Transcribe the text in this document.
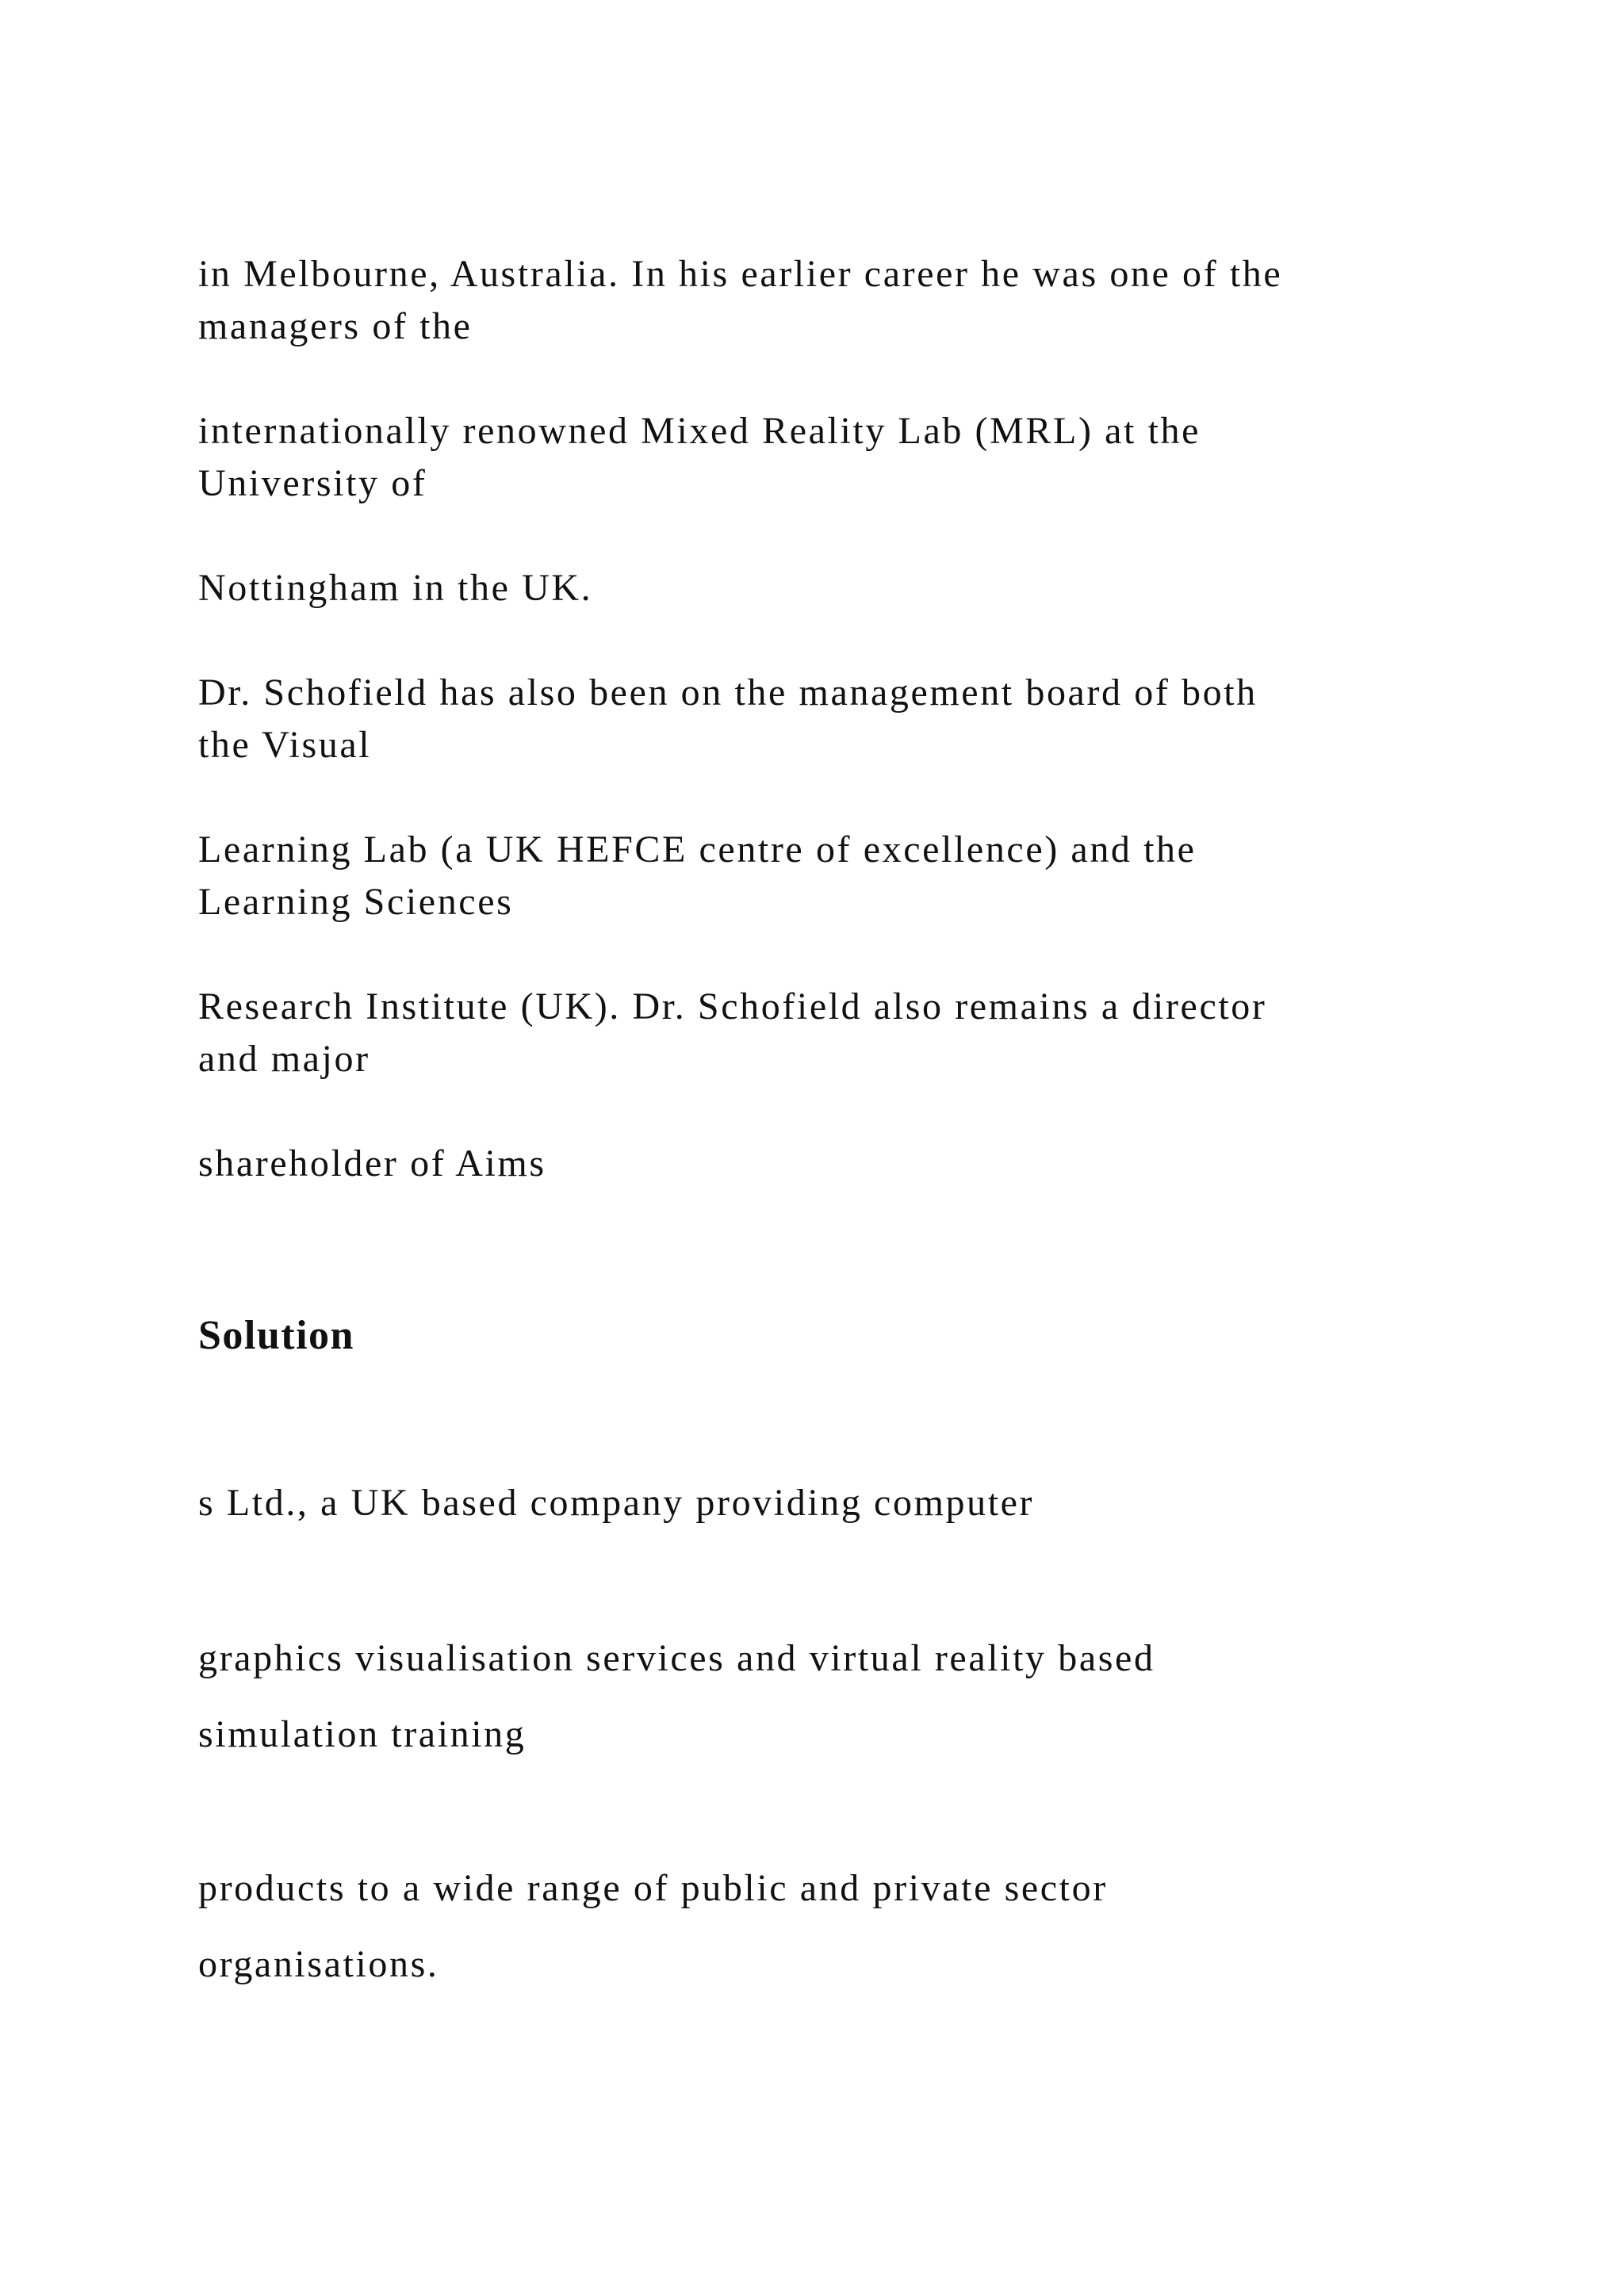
in Melbourne, Australia. In his earlier career he was one of the
managers of the

internationally renowned Mixed Reality Lab (MRL) at the
University of

Nottingham in the UK.

Dr. Schofield has also been on the management board of both
the Visual

Learning Lab (a UK HEFCE centre of excellence) and the
Learning Sciences

Research Institute (UK). Dr. Schofield also remains a director
and major

shareholder of Aims

Solution

s Ltd., a UK based company providing computer

graphics visualisation services and virtual reality based
simulation training

products to a wide range of public and private sector
organisations.
